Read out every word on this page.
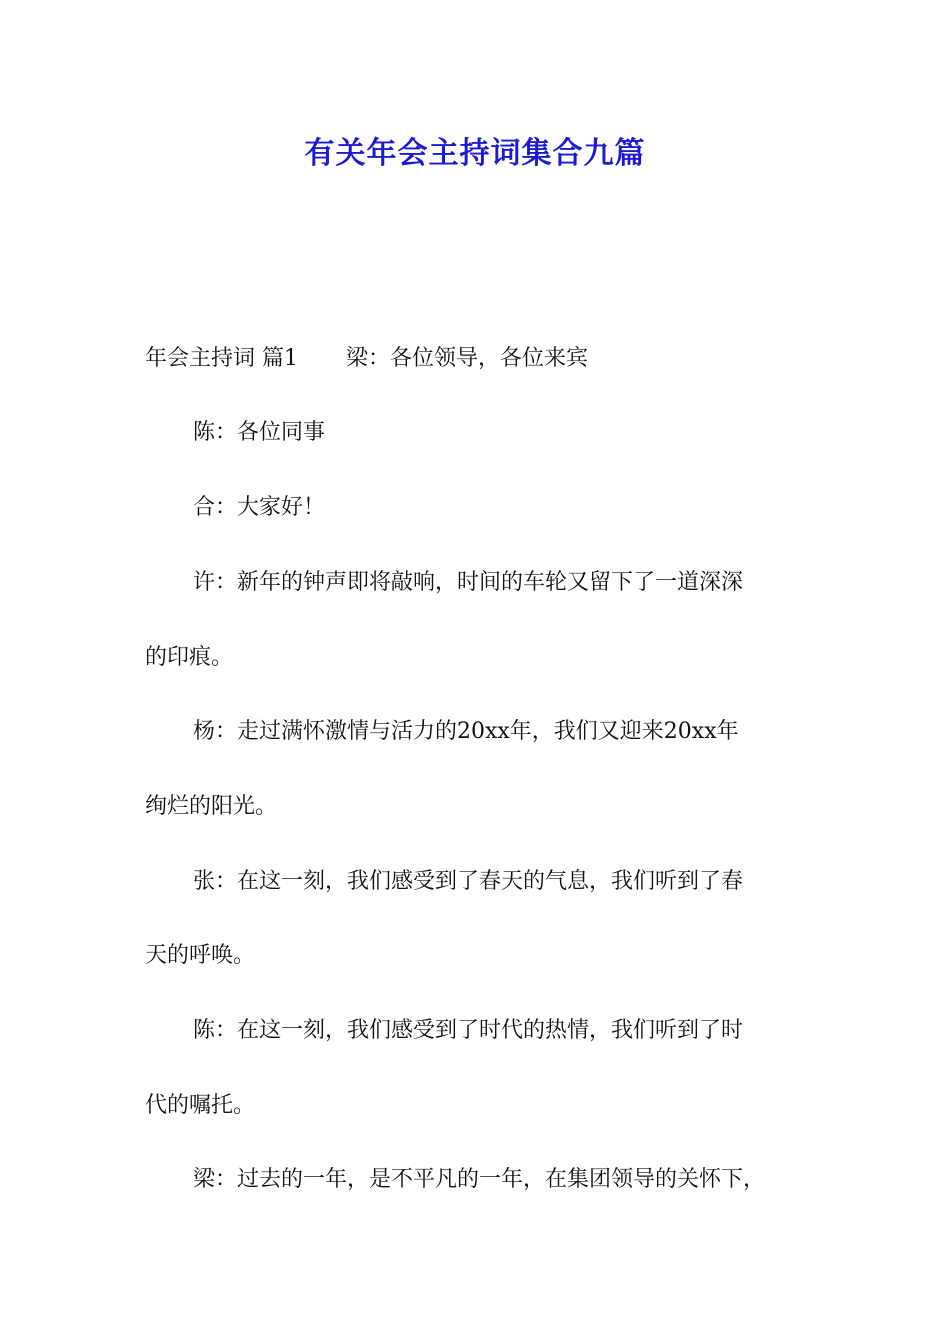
有关年会主持词集合九篇

年会主持词 篇1 梁：各位领导，各位来宾

陈：各位同事

合：大家好！

许：新年的钟声即将敲响，时间的车轮又留下了一道深深

的印痕。

杨：走过满怀激情与活力的20xx年，我们又迎来20xx年

绚烂的阳光。

张：在这一刻，我们感受到了春天的气息，我们听到了春

天的呼唤。

陈：在这一刻，我们感受到了时代的热情，我们听到了时

代的嘱托。

梁：过去的一年，是不平凡的一年，在集团领导的关怀下，
